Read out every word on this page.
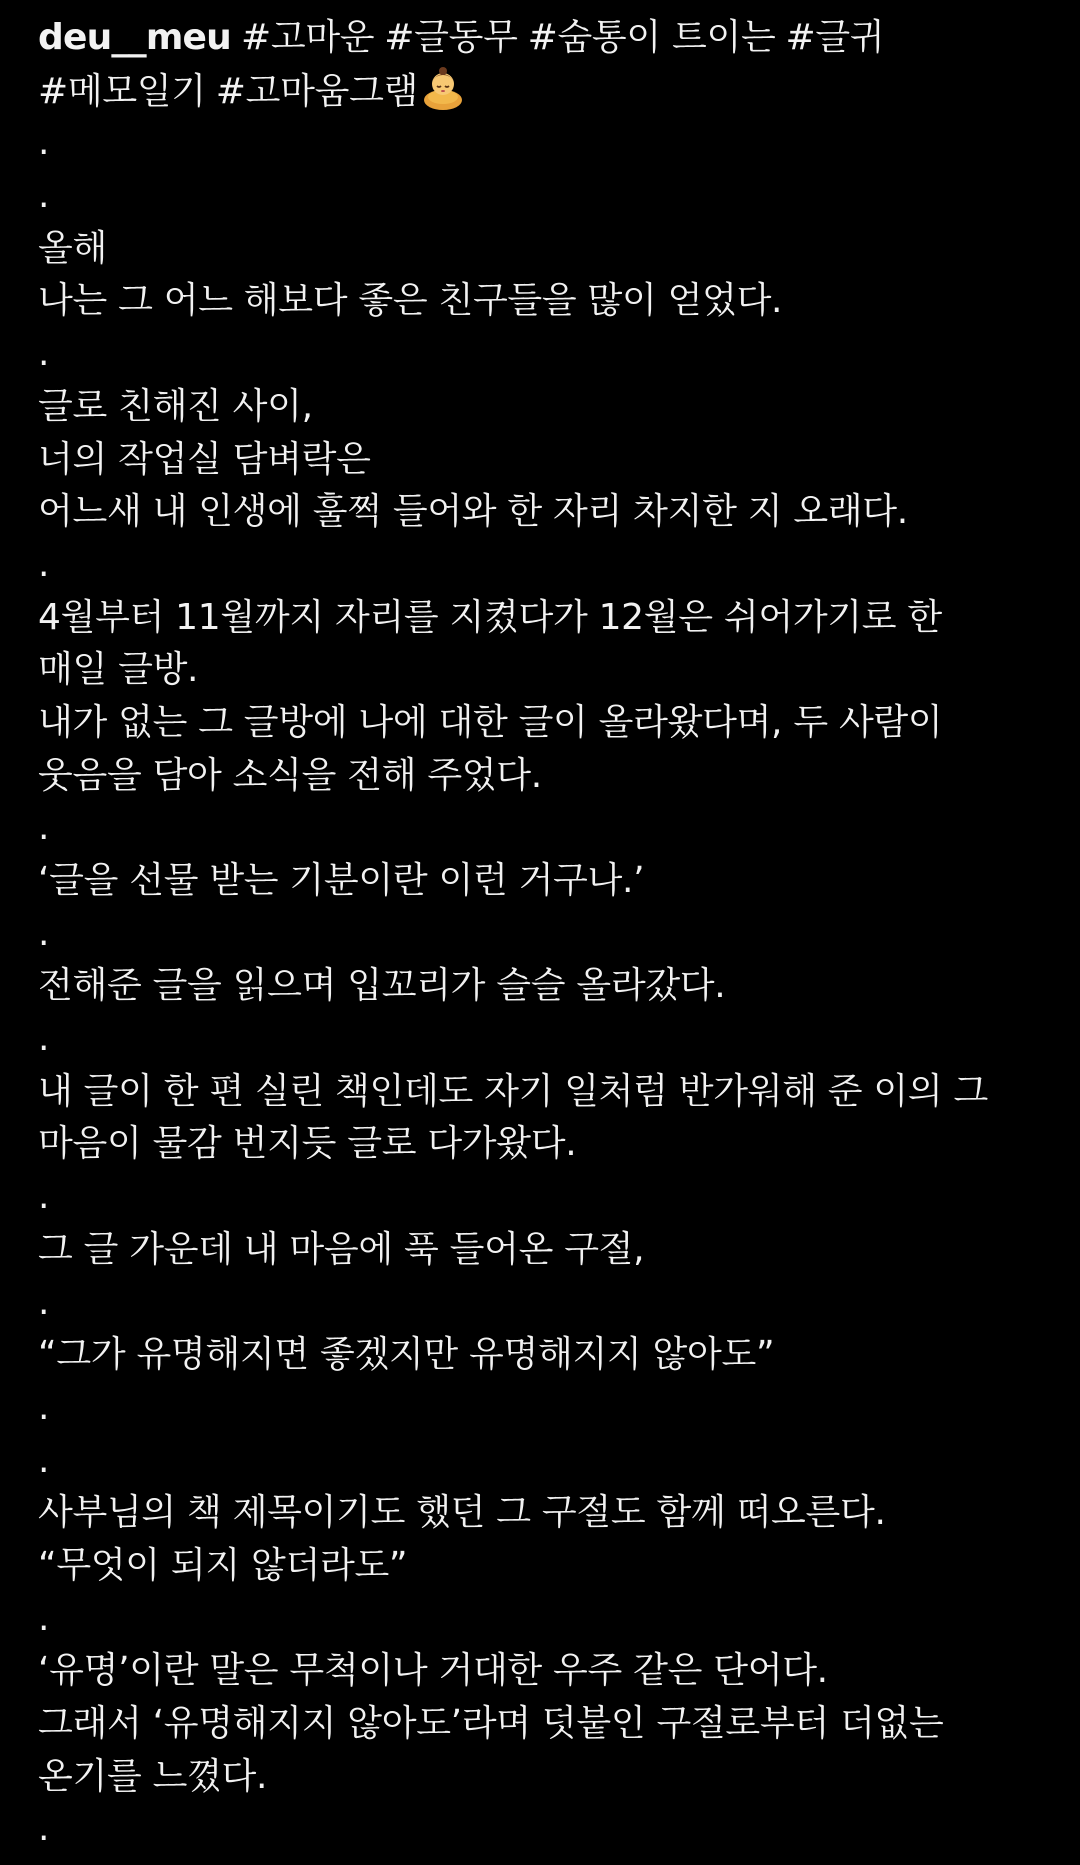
deu__meu #고마운 #글동무 #숨통이 트이는 #글귀
#메모일기 #고마움그램
.
.
올해
나는 그 어느 해보다 좋은 친구들을 많이 얻었다.
.
글로 친해진 사이,
너의 작업실 담벼락은
어느새 내 인생에 훌쩍 들어와 한 자리 차지한 지 오래다.
.
4월부터 11월까지 자리를 지켰다가 12월은 쉬어가기로 한
매일 글방.
내가 없는 그 글방에 나에 대한 글이 올라왔다며, 두 사람이
웃음을 담아 소식을 전해 주었다.
.
‘글을 선물 받는 기분이란 이런 거구나.’
.
전해준 글을 읽으며 입꼬리가 슬슬 올라갔다.
.
내 글이 한 편 실린 책인데도 자기 일처럼 반가워해 준 이의 그
마음이 물감 번지듯 글로 다가왔다.
.
그 글 가운데 내 마음에 푹 들어온 구절,
.
“그가 유명해지면 좋겠지만 유명해지지 않아도”
.
.
사부님의 책 제목이기도 했던 그 구절도 함께 떠오른다.
“무엇이 되지 않더라도”
.
‘유명’이란 말은 무척이나 거대한 우주 같은 단어다.
그래서 ‘유명해지지 않아도’라며 덧붙인 구절로부터 더없는
온기를 느꼈다.
.
